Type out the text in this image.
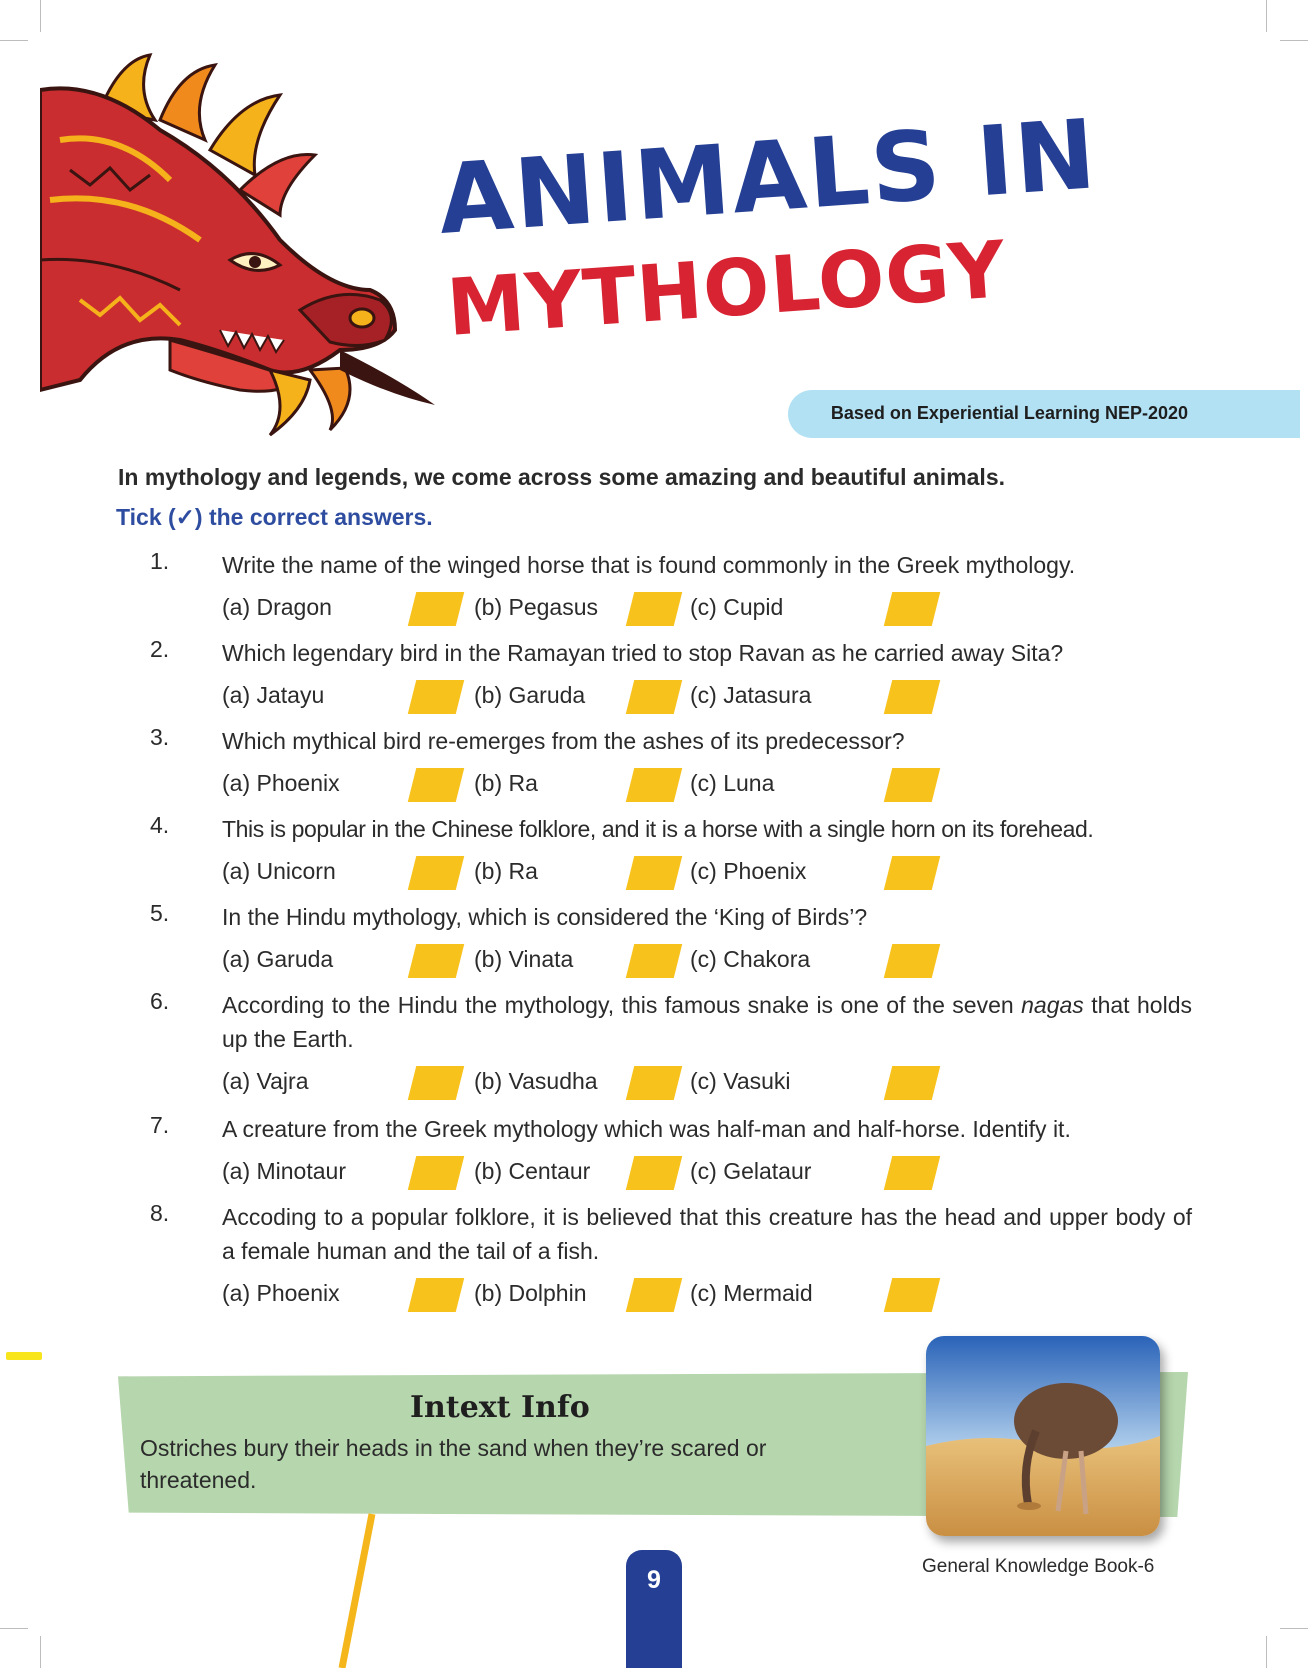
ANIMALS IN
MYTHOLOGY
Based on Experiential Learning NEP-2020
In mythology and legends, we come across some amazing and beautiful animals.
Tick (✓) the correct answers.
1. Write the name of the winged horse that is found commonly in the Greek mythology.
(a) Dragon	(b) Pegasus	(c) Cupid
2. Which legendary bird in the Ramayan tried to stop Ravan as he carried away Sita?
(a) Jatayu	(b) Garuda	(c) Jatasura
3. Which mythical bird re-emerges from the ashes of its predecessor?
(a) Phoenix	(b) Ra	(c) Luna
4. This is popular in the Chinese folklore, and it is a horse with a single horn on its forehead.
(a) Unicorn	(b) Ra	(c) Phoenix
5. In the Hindu mythology, which is considered the ‘King of Birds’?
(a) Garuda	(b) Vinata	(c) Chakora
6. According to the Hindu the mythology, this famous snake is one of the seven nagas that holds up the Earth.
(a) Vajra	(b) Vasudha	(c) Vasuki
7. A creature from the Greek mythology which was half-man and half-horse. Identify it.
(a) Minotaur	(b) Centaur	(c) Gelataur
8. Accoding to a popular folklore, it is believed that this creature has the head and upper body of a female human and the tail of a fish.
(a) Phoenix	(b) Dolphin	(c) Mermaid
Intext Info
Ostriches bury their heads in the sand when they’re scared or threatened.
General Knowledge Book-6
9
